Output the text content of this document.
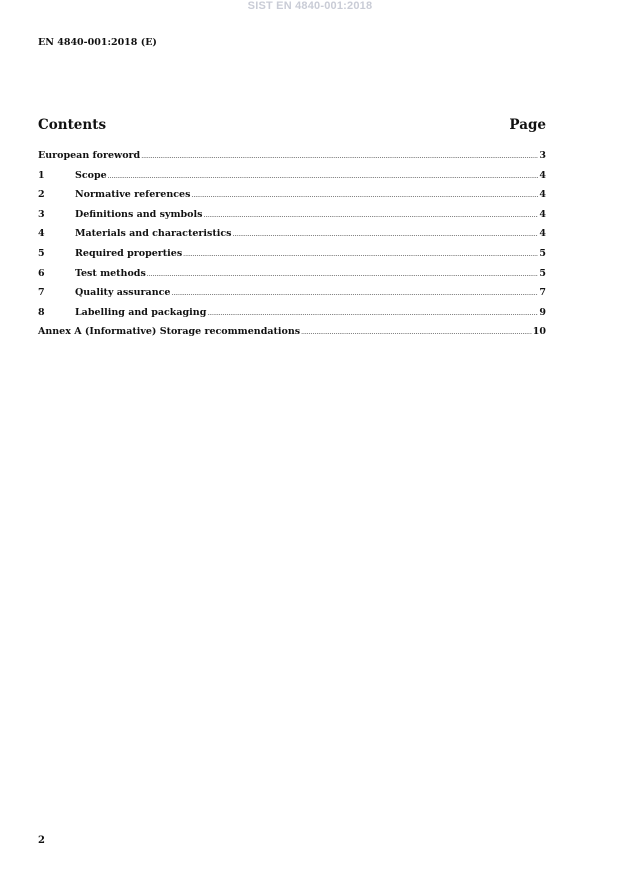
SIST EN 4840-001:2018
EN 4840-001:2018 (E)
Contents	Page
European foreword .....	3
1	Scope .....	4
2	Normative references .....	4
3	Definitions and symbols .....	4
4	Materials and characteristics .....	4
5	Required properties .....	5
6	Test methods .....	5
7	Quality assurance .....	7
8	Labelling and packaging .....	9
Annex A (Informative) Storage recommendations .....	10
2
